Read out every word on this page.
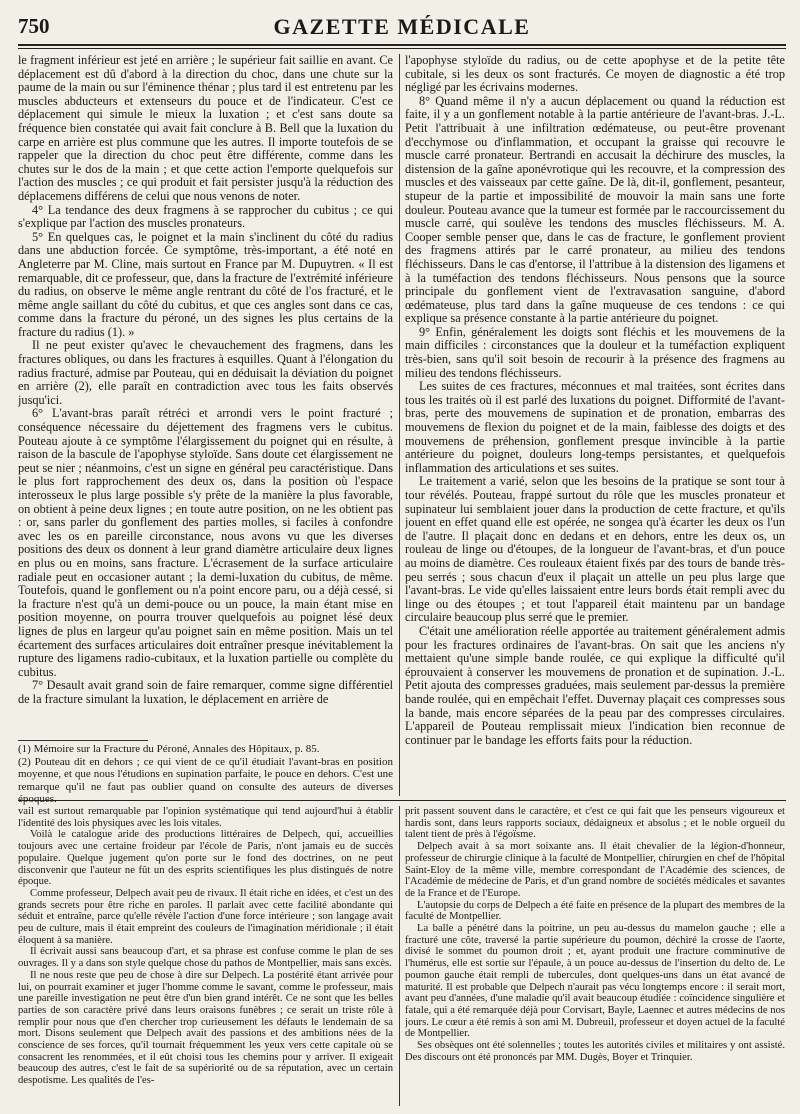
750	GAZETTE MÉDICALE

le fragment inférieur est jeté en arrière ; le supérieur fait saillie en avant. Ce déplacement est dû d'abord à la direction du choc, dans une chute sur la paume de la main ou sur l'éminence thénar ; plus tard il est entretenu par les muscles abducteurs et extenseurs du pouce et de l'indicateur. C'est ce déplacement qui simule le mieux la luxation ; et c'est sans doute sa fréquence bien constatée qui avait fait conclure à B. Bell que la luxation du carpe en arrière est plus commune que les autres. Il importe toutefois de se rappeler que la direction du choc peut être différente, comme dans les chutes sur le dos de la main ; et que cette action l'emporte quelquefois sur l'action des muscles ; ce qui produit et fait persister jusqu'à la réduction des déplacemens différens de celui que nous venons de noter.

4° La tendance des deux fragmens à se rapprocher du cubitus ; ce qui s'explique par l'action des muscles pronateurs.

5° En quelques cas, le poignet et la main s'inclinent du côté du radius dans une abduction forcée. Ce symptôme, très-important, a été noté en Angleterre par M. Cline, mais surtout en France par M. Dupuytren. « Il est remarquable, dit ce professeur, que, dans la fracture de l'extrémité inférieure du radius, on observe le même angle rentrant du côté de l'os fracturé, et le même angle saillant du côté du cubitus, et que ces angles sont dans ce cas, comme dans la fracture du péroné, un des signes les plus certains de la fracture du radius (1). »

Il ne peut exister qu'avec le chevauchement des fragmens, dans les fractures obliques, ou dans les fractures à esquilles. Quant à l'élongation du radius fracturé, admise par Pouteau, qui en déduisait la déviation du poignet en arrière (2), elle paraît en contradiction avec tous les faits observés jusqu'ici.

6° L'avant-bras paraît rétréci et arrondi vers le point fracturé ; conséquence nécessaire du déjettement des fragmens vers le cubitus. Pouteau ajoute à ce symptôme l'élargissement du poignet qui en résulte, à raison de la bascule de l'apophyse styloïde. Sans doute cet élargissement ne peut se nier ; néanmoins, c'est un signe en général peu caractéristique. Dans le plus fort rapprochement des deux os, dans la position où l'espace interosseux le plus large possible s'y prête de la manière la plus favorable, on obtient à peine deux lignes ; en toute autre position, on ne les obtient pas : or, sans parler du gonflement des parties molles, si faciles à confondre avec les os en pareille circonstance, nous avons vu que les diverses positions des deux os donnent à leur grand diamètre articulaire deux lignes en plus ou en moins, sans fracture. L'écrasement de la surface articulaire radiale peut en occasioner autant ; la demi-luxation du cubitus, de même. Toutefois, quand le gonflement ou n'a point encore paru, ou a déjà cessé, si la fracture n'est qu'à un demi-pouce ou un pouce, la main étant mise en position moyenne, on pourra trouver quelquefois au poignet lésé deux lignes de plus en largeur qu'au poignet sain en même position. Mais un tel écartement des surfaces articulaires doit entraîner presque inévitablement la rupture des ligamens radio-cubitaux, et la luxation partielle ou complète du cubitus.

7° Desault avait grand soin de faire remarquer, comme signe différentiel de la fracture simulant la luxation, le déplacement en arrière de

l'apophyse styloïde du radius, ou de cette apophyse et de la petite tête cubitale, si les deux os sont fracturés. Ce moyen de diagnostic a été trop négligé par les écrivains modernes.

8° Quand même il n'y a aucun déplacement ou quand la réduction est faite, il y a un gonflement notable à la partie antérieure de l'avant-bras. J.-L. Petit l'attribuait à une infiltration œdémateuse, ou peut-être provenant d'ecchymose ou d'inflammation, et occupant la graisse qui recouvre le muscle carré pronateur. Bertrandi en accusait la déchirure des muscles, la distension de la gaîne aponévrotique qui les recouvre, et la compression des muscles et des vaisseaux par cette gaîne. De là, dit-il, gonflement, pesanteur, stupeur de la partie et impossibilité de mouvoir la main sans une forte douleur. Pouteau avance que la tumeur est formée par le raccourcissement du muscle carré, qui soulève les tendons des muscles fléchisseurs. M. A. Cooper semble penser que, dans le cas de fracture, le gonflement provient des fragmens attirés par le carré pronateur, au milieu des tendons fléchisseurs. Dans le cas d'entorse, il l'attribue à la distension des ligamens et à la tuméfaction des tendons fléchisseurs. Nous pensons que la source principale du gonflement vient de l'extravasation sanguine, d'abord œdémateuse, plus tard dans la gaîne muqueuse de ces tendons : ce qui explique sa présence constante à la partie antérieure du poignet.

9° Enfin, généralement les doigts sont fléchis et les mouvemens de la main difficiles : circonstances que la douleur et la tuméfaction expliquent très-bien, sans qu'il soit besoin de recourir à la présence des fragmens au milieu des tendons fléchisseurs.

Les suites de ces fractures, méconnues et mal traitées, sont écrites dans tous les traités où il est parlé des luxations du poignet. Difformité de l'avant-bras, perte des mouvemens de supination et de pronation, embarras des mouvemens de flexion du poignet et de la main, faiblesse des doigts et des mouvemens de préhension, gonflement presque invincible à la partie antérieure du poignet, douleurs long-temps persistantes, et quelquefois inflammation des articulations et ses suites.

Le traitement a varié, selon que les besoins de la pratique se sont tour à tour révélés. Pouteau, frappé surtout du rôle que les muscles pronateur et supinateur lui semblaient jouer dans la production de cette fracture, et qu'ils jouent en effet quand elle est opérée, ne songea qu'à écarter les deux os l'un de l'autre. Il plaçait donc en dedans et en dehors, entre les deux os, un rouleau de linge ou d'étoupes, de la longueur de l'avant-bras, et d'un pouce au moins de diamètre. Ces rouleaux étaient fixés par des tours de bande très-peu serrés ; sous chacun d'eux il plaçait un attelle un peu plus large que l'avant-bras. Le vide qu'elles laissaient entre leurs bords était rempli avec du linge ou des étoupes ; et tout l'appareil était maintenu par un bandage circulaire beaucoup plus serré que le premier.

C'était une amélioration réelle apportée au traitement généralement admis pour les fractures ordinaires de l'avant-bras. On sait que les anciens n'y mettaient qu'une simple bande roulée, ce qui explique la difficulté qu'il éprouvaient à conserver les mouvemens de pronation et de supination. J.-L. Petit ajouta des compresses graduées, mais seulement par-dessus la première bande roulée, qui en empêchait l'effet. Duvernay plaçait ces compresses sous la bande, mais encore séparées de la peau par des compresses circulaires. L'appareil de Pouteau remplissait mieux l'indication bien reconnue de continuer par le bandage les efforts faits pour la réduction.

(1) Mémoire sur la Fracture du Péroné, Annales des Hôpitaux, p. 85.

(2) Pouteau dit en dehors ; ce qui vient de ce qu'il étudiait l'avant-bras en position moyenne, et que nous l'étudions en supination parfaite, le pouce en dehors. C'est une remarque qu'il ne faut pas oublier quand on consulte des auteurs de diverses époques.

vail est surtout remarquable par l'opinion systématique qui tend aujourd'hui à établir l'identité des lois physiques avec les lois vitales.

Voilà le catalogue aride des productions littéraires de Delpech, qui, accueillies toujours avec une certaine froideur par l'école de Paris, n'ont jamais eu de succès populaire. Quelque jugement qu'on porte sur le fond des doctrines, on ne peut disconvenir que l'auteur ne fût un des esprits scientifiques les plus distingués de notre époque.

Comme professeur, Delpech avait peu de rivaux. Il était riche en idées, et c'est un des grands secrets pour être riche en paroles. Il parlait avec cette facilité abondante qui séduit et entraîne, parce qu'elle révèle l'action d'une force intérieure ; son langage avait peu de culture, mais il était empreint des couleurs de l'imagination méridionale ; il était éloquent à sa manière.

Il écrivait aussi sans beaucoup d'art, et sa phrase est confuse comme le plan de ses ouvrages. Il y a dans son style quelque chose du pathos de Montpellier, mais sans excès.

Il ne nous reste que peu de chose à dire sur Delpech. La postérité étant arrivée pour lui, on pourrait examiner et juger l'homme comme le savant, comme le professeur, mais une pareille investigation ne peut être d'un bien grand intérêt. Ce ne sont que les belles parties de son caractère privé dans leurs oraisons funèbres ; ce serait un triste rôle à remplir pour nous que d'en chercher trop curieusement les défauts le lendemain de sa mort. Disons seulement que Delpech avait des passions et des ambitions nées de la conscience de ses forces, qu'il tournait fréquemment les yeux vers cette capitale où se consacrent les renommées, et il eût choisi tous les chemins pour y arriver. Il exigeait beaucoup des autres, c'est le fait de sa supériorité ou de sa réputation, avec un certain despotisme. Les qualités de l'es-

prit passent souvent dans le caractère, et c'est ce qui fait que les penseurs vigoureux et hardis sont, dans leurs rapports sociaux, dédaigneux et absolus ; et le noble orgueil du talent tient de près à l'égoïsme.

Delpech avait à sa mort soixante ans. Il était chevalier de la légion-d'honneur, professeur de chirurgie clinique à la faculté de Montpellier, chirurgien en chef de l'hôpital Saint-Eloy de la même ville, membre correspondant de l'Académie des sciences, de l'Académie de médecine de Paris, et d'un grand nombre de sociétés médicales et savantes de la France et de l'Europe.

L'autopsie du corps de Delpech a été faite en présence de la plupart des membres de la faculté de Montpellier.

La balle a pénétré dans la poitrine, un peu au-dessus du mamelon gauche ; elle a fracturé une côte, traversé la partie supérieure du poumon, déchiré la crosse de l'aorte, divisé le sommet du poumon droit ; et, ayant produit une fracture comminutive de l'humérus, elle est sortie sur l'épaule, à un pouce au-dessus de l'insertion du delto de. Le poumon gauche était rempli de tubercules, dont quelques-uns dans un état avancé de maturité. Il est probable que Delpech n'aurait pas vécu longtemps encore : il serait mort, avant peu d'années, d'une maladie qu'il avait beaucoup étudiée : coïncidence singulière et fatale, qui a été remarquée déjà pour Corvisart, Bayle, Laennec et autres médecins de nos jours. Le cœur a été remis à son ami M. Dubreuil, professeur et doyen actuel de la faculté de Montpellier.

Ses obsèques ont été solennelles ; toutes les autorités civiles et militaires y ont assisté. Des discours ont été prononcés par MM. Dugès, Boyer et Trinquier.
